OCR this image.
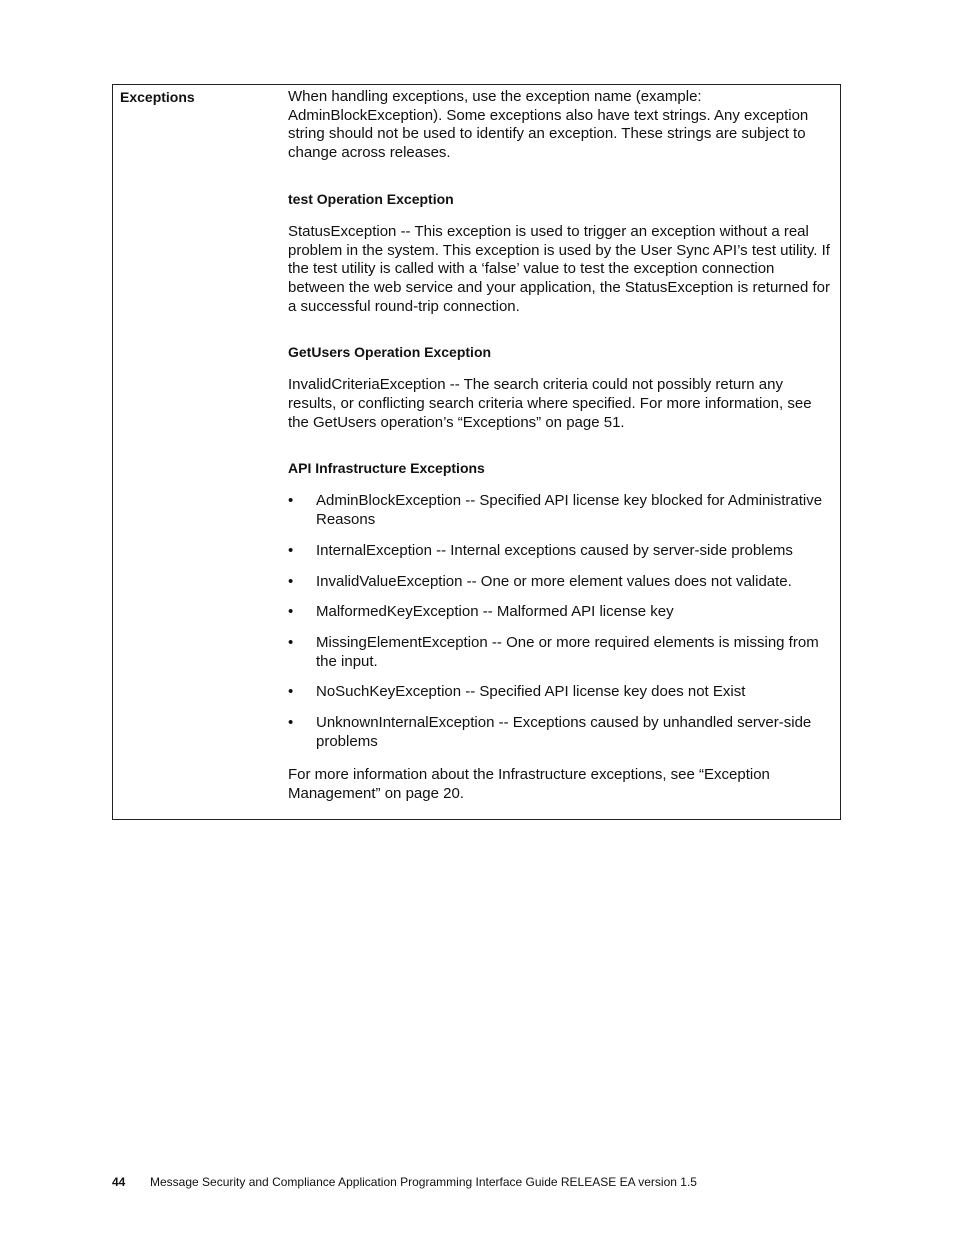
Exceptions	When handling exceptions, use the exception name (example: AdminBlockException). Some exceptions also have text strings. Any exception string should not be used to identify an exception. These strings are subject to change across releases.

test Operation Exception

StatusException -- This exception is used to trigger an exception without a real problem in the system. This exception is used by the User Sync API’s test utility. If the test utility is called with a ‘false’ value to test the exception connection between the web service and your application, the StatusException is returned for a successful round-trip connection.

GetUsers Operation Exception

InvalidCriteriaException -- The search criteria could not possibly return any results, or conflicting search criteria where specified. For more information, see the GetUsers operation’s “Exceptions” on page 51.

API Infrastructure Exceptions

• AdminBlockException -- Specified API license key blocked for Administrative Reasons
• InternalException -- Internal exceptions caused by server-side problems
• InvalidValueException -- One or more element values does not validate.
• MalformedKeyException -- Malformed API license key
• MissingElementException -- One or more required elements is missing from the input.
• NoSuchKeyException -- Specified API license key does not Exist
• UnknownInternalException -- Exceptions caused by unhandled server-side problems

For more information about the Infrastructure exceptions, see “Exception Management” on page 20.

44 Message Security and Compliance Application Programming Interface Guide RELEASE EA version 1.5
